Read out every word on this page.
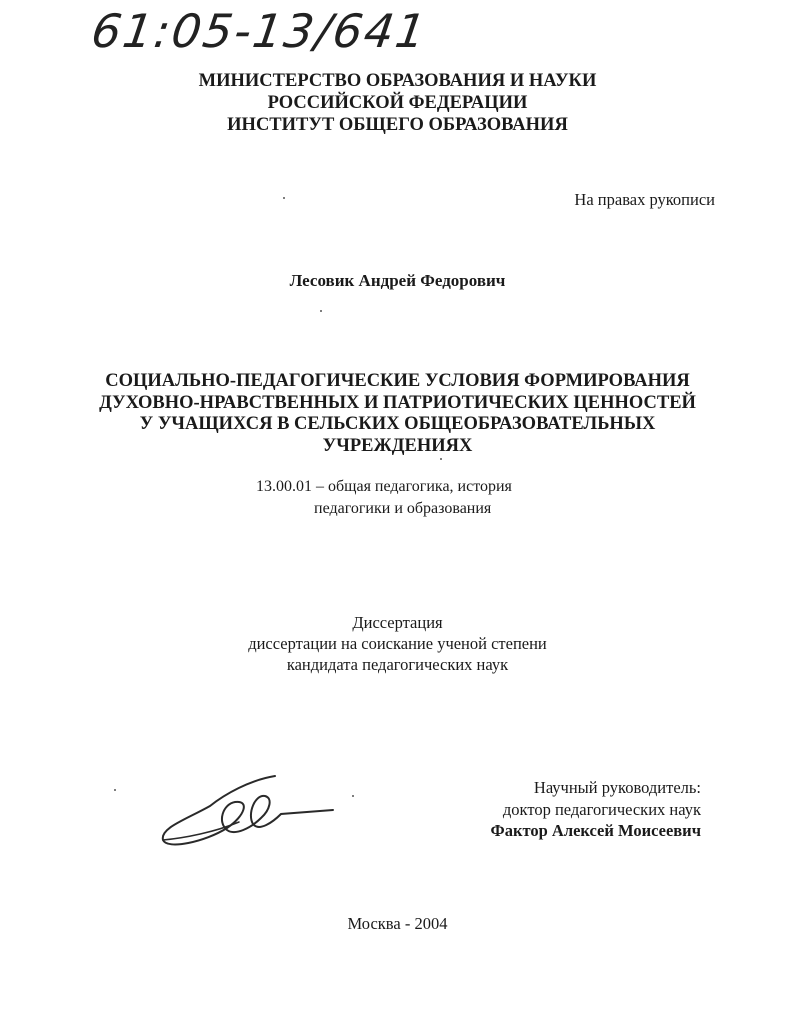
61:05-13/641
МИНИСТЕРСТВО ОБРАЗОВАНИЯ И НАУКИ
РОССИЙСКОЙ ФЕДЕРАЦИИ
ИНСТИТУТ ОБЩЕГО ОБРАЗОВАНИЯ
На правах рукописи
Лесовик Андрей Федорович
СОЦИАЛЬНО-ПЕДАГОГИЧЕСКИЕ УСЛОВИЯ ФОРМИРОВАНИЯ
ДУХОВНО-НРАВСТВЕННЫХ И ПАТРИОТИЧЕСКИХ ЦЕННОСТЕЙ
У УЧАЩИХСЯ В СЕЛЬСКИХ ОБЩЕОБРАЗОВАТЕЛЬНЫХ
УЧРЕЖДЕНИЯХ
13.00.01 – общая педагогика, история
педагогики и образования
Диссертация
диссертации на соискание ученой степени
кандидата педагогических наук
Научный руководитель:
доктор педагогических наук
Фактор Алексей Моисеевич
Москва - 2004
